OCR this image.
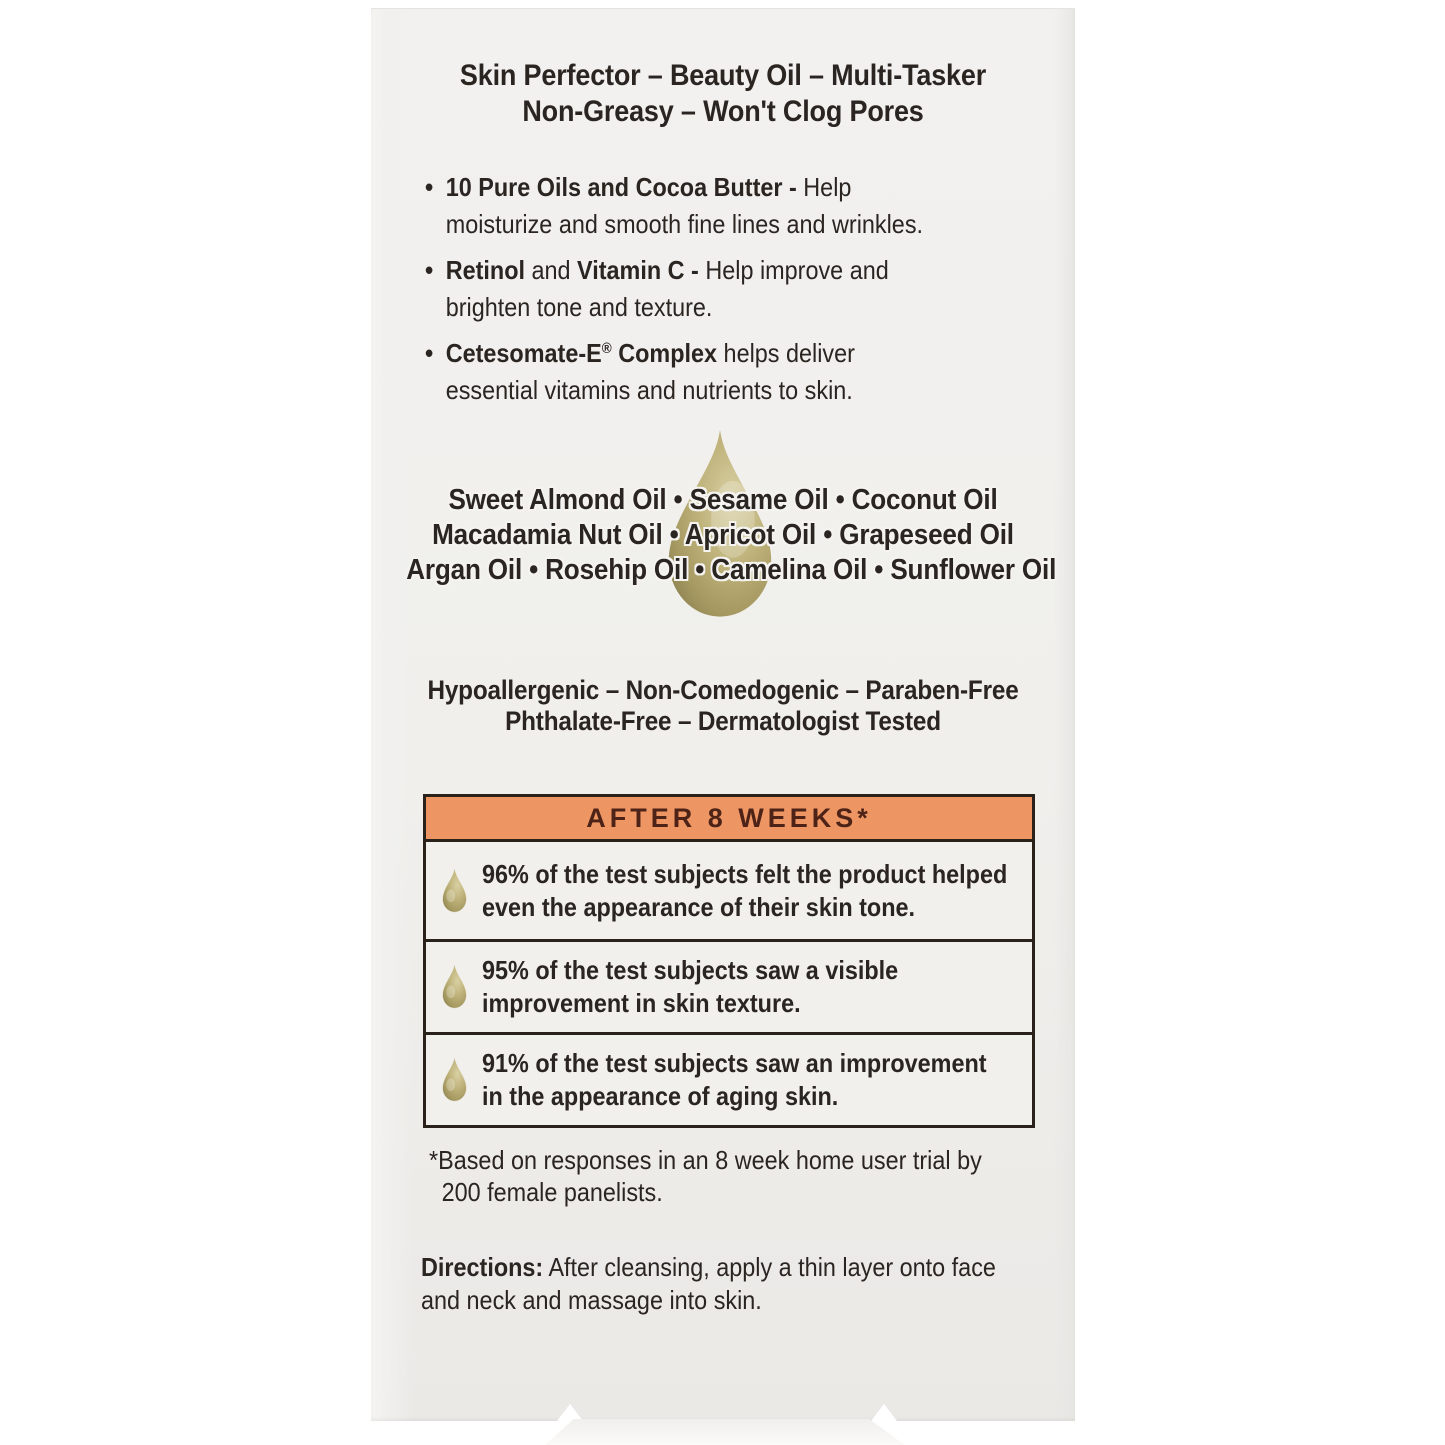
Skin Perfector – Beauty Oil – Multi-Tasker
Non-Greasy – Won't Clog Pores
• 10 Pure Oils and Cocoa Butter - Help
moisturize and smooth fine lines and wrinkles.
• Retinol and Vitamin C - Help improve and
brighten tone and texture.
• Cetesomate-E® Complex helps deliver
essential vitamins and nutrients to skin.
Sweet Almond Oil • Sesame Oil • Coconut Oil
Macadamia Nut Oil • Apricot Oil • Grapeseed Oil
Argan Oil • Rosehip Oil • Camelina Oil • Sunflower Oil
Hypoallergenic – Non-Comedogenic – Paraben-Free
Phthalate-Free – Dermatologist Tested
AFTER 8 WEEKS*
96% of the test subjects felt the product helped
even the appearance of their skin tone.
95% of the test subjects saw a visible
improvement in skin texture.
91% of the test subjects saw an improvement
in the appearance of aging skin.
*Based on responses in an 8 week home user trial by
200 female panelists.
Directions: After cleansing, apply a thin layer onto face
and neck and massage into skin.
